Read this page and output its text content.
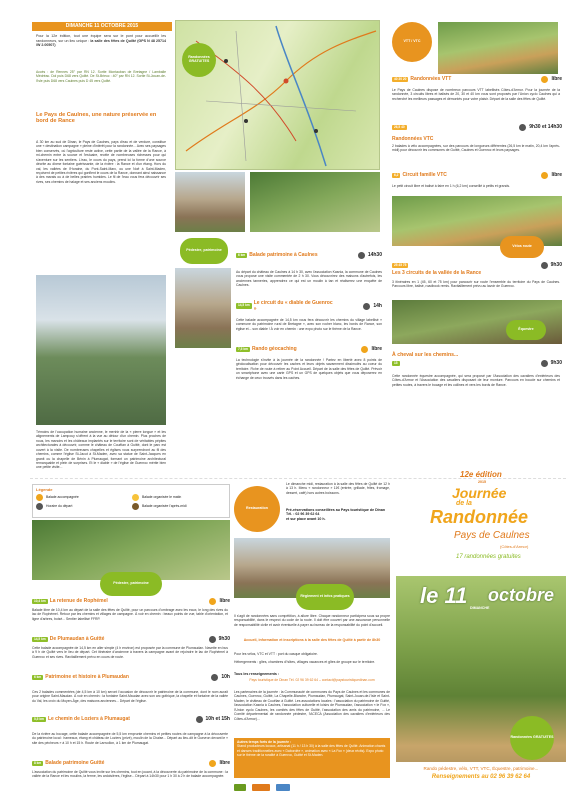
DIMANCHE 11 OCTOBRE 2015
Pour la 12e édition, tout une équipe sera sur le pont pour accueillir les randonneurs, sur un lieu unique : la salle des fêtes de Quilté (GPS N 48 25714 /W 2.00507)
Accès : de Rennes 25° par RN 12. Sortie Montauban de Bretagne / Lamballe Médréac. Dol puis D68 vers Quilté. De St-Brieuc : 40° par RN 12. Sortie St-Jouan-de-l'Isle puis D68 vers Caulnes puis D 45 vers Quilté.
Le Pays de Caulnes, une nature préservée en bord de Rance
À 30 km au sud de Dinan, le Pays de Caulnes, pays d'eau et de verdure, constitue une « destination campagne » pleine d'intérêt pour la randonnée... Avec ses paysages bien conservés, où l'agriculture reste active, cette partie de la vallée de la Rance, à mi-chemin entre la source et l'estuaire, recèle de nombreuses richesses pour qui s'aventure sur les sentiers. L'eau, le cours du pays, prend ici la forme d'une source décrite au dixme fontaine guérissante, de la rivière : la Rance et d'un étang. Hors du val, les vallées de l'Horaine, du Pont-Saint-Marc, ou une Noë à Saint-Maden, reçoivent de petites rivières qui gonflent le cours de la Rance, donnant ainsi naissance à des marais ou à de belles prairies humides. Le fil de l'eau vous fera découvrir ses rives, ses chemins de halage et ses anciens moulins.
Témoins de l'occupation humaine ancienne, le menhir de la « pierre longue » et les alignements de Lampouy s'offrent à la vue au détour d'un chemin. Plus proches de nous, les manoirs et les châteaux implantés sur le territoire sont de véritables pépites architecturales à découvrir, comme le château de Couëlan à Guitté, dont le parc est ouvert à la visite. De nombreuses chapelles et églises vous surprendront au fil des chemins, comme l'église St-Jacut à St-Maden, avec sa statue de Saint-Jacques en granit ou la chapelle de Bénin à Plumaugat, formant un patrimoine architectural remarquable et plein de surprises. Et le « diable » de l'église de Guenroc mérite bien une petite visite...
Randonnées GRATUITES
VTT / VTC
40 30 20 Randonnées VTT	libre
Le Pays de Caulnes dispose de nombreux parcours VTT labellisés Côtes-d'Armor. Pour la journée de la randonnée, 3 circuits libres et balisés de 20, 30 et 40 km vous sont proposés par l'Union cyclo Caulnes qui a recherché les meilleurs passages et démontés pour votre plaisir. Départ de la salle des fêtes de Quilté.
26,5 40	9h30 et 14h30
Randonnées VTC
2 balades à vélo accompagnées, sur des parcours de longueurs différentes (26,5 km le matin, 20,4 km l'après-midi) pour découvrir les communes de Guitté, Caulnes et Guenroc et leurs paysages.
6,2 Circuit famille VTC	libre
Le petit circuit libre et balisé à faire en 1 h (6,2 km) conseillé à petits et grands.
Pédestre, patrimoine
Vélos route
6 km Balade patrimoine à Caulnes	14h30
Au départ du château de Caulnes à 14 h 30, avec l'association Kasnia, la commune de Caulnes vous propose une visite commentée de 2 h 30. Vous découvrirez des maisons d'autrefois, les anciennes tanneries, apprendrez ce qui est un moulin à tan et réaliserez une enquête de Caulnes.
14,5 km Le circuit du « diable de Guenroc »
14h
Cette balade accompagnée de 14,5 km vous fera découvrir les chemins du village labellisé « commune du patrimoine rural de Bretagne », avec son rocher blanc, les bords de Rance, son église et... son diable ! À voir en chemin : une expo photo sur le thème de la Rance.
7,5 km Rando géocaching	libre
La technologie s'invite à la journée de la randonnée ! Partez en liberté avec 8 points de géolocalisation pour découvrir les caches et leurs objets savamment dissimulés au coeur du territoire. Fiche de route à retirer au Point Accueil. Départ de la salle des fêtes de Quilté. Prévoir un smartphone avec une carte GPS et un GPS de quelques objets que vous déposerez en échange de ceux trouvés dans les caches.
25 45 75	9h30
Les 3 circuits de la vallée de la Rance
3 itinéraires en 1 (45, 60 et 75 km) pour parcourir sur route l'ensemble du territoire du Pays de Caulnes. Parcours libre, balisé, roadbook remis. Ravitaillement prévu au lavoir de Guenroc.
Équestre
À cheval sur les chemins...
15	9h30
Cette randonnée équestre accompagnée, qui sera proposé par l'Association des cavaliers d'extérieurs des Côtes-d'Armor et l'Association des cavaliers disposant de leur monture. Parcours en boucle sur chemins et petites routes, à travers le bocage et les collines et vers les bords de Rance.
Légende
Balade accompagnée	Balade organisée le matin
Horaire du départ	Balade organisée l'après-midi
Pédestre, patrimoine
10,4 km La retenue de Rophémel	libre
Balade libre de 10,4 km au départ de la salle des fêtes de Quilté, pour un parcours d'ombrage avec les eaux, le long des rives du lac de Rophémel. Retour par les chemins et villages de campagne. À voir en chemin : beaux points de vue, table d'orientation, et ligne d'arbres, boisé... Sentier labellisé FFRP.
14,5 km De Plumaudan à Guitté	9h30
Cette balade accompagnée de 14,5 km en aller simple (4 h environ) est proposée par la commune de Plumaudan. Navette en bus à 9 h de Quilté vers le lieu de départ. Cet itinéraire d'ancienne à travers la campagne avant de rejoindre le lac de Rophémel à Guenroc et ses rives. Ravitaillement prévu en cours de route.
6 km Patrimoine et histoire à Plumaudan	10h
Ces 2 balades commentées (de 4,5 km à 10 km) seront l'occasion de découvrir le patrimoine de la commune, dont le nom aurait pour origine Saint-Maudan. À voir en chemin : la fontaine Saint-Maudan avec son arc gothique, la chapelle et fontaine de la vallée du Val, les croix du Moyen-Âge, des maisons anciennes... Départ de l'église.
5,5 km Le chemin de Loziers à Plumaugat	10h et 15h
De la rivière au bocage, cette balade accompagnée de 5,5 km emprunte chemins et petites routes de campagne à la découverte du patrimoine local : hameaux, étang et château de Loziers (privé), moulin de la Chaise... Départ au lieu-dit le Guevron devant le « site des pécheurs » à 10 h et 15 h. Route de Lanvollon, à 1 km de Plumaugat.
8 km Balade patrimoine Guitté	libre
L'association du patrimoine de Quilté vous invite sur les chemins, tout en jouant, à la découverte du patrimoine de la commune : la vallée de la Rance et les moulins, la ferme, les ardoisières, l'église... Départ à 14h30 pour 1 h 30 à 2 h de balade accompagnée.
Restauration
Le dimanche midi, restauration à la salle des fêtes de Quilté de 12 h à 13 h. Menu « randonneur » 11€ (entrée, grillade, frites, fromage, dessert, café) hors autres boissons.
Pré-réservations conseillées au Pays touristique de Dinan
Tél. : 02 96 39 62 64
et sur place avant 10 h.
Règlement et infos pratiques
Il s'agit de randonnées sans compétition, à allure libre. Chaque randonneur participera sous sa propre responsabilité, dans le respect du code de la route. Il doit être couvert par une assurance personnelle de responsabilité civile et avoir éventuelle à payer au bureau de la responsabilité du point d'accueil.
Accueil, information et inscriptions à la salle des fêtes de Quilté à partir de 8h30
Pour les vélos, VTC et VTT : port du casque obligatoire.
Hébergements : gîtes, chambres d'hôtes, villages vacances et gîtes de groupe sur le territoire.
Tous les renseignements :
Pays touristique de Dinan Tél. 02 96 39 62 64 – contact@paystouristiquedinan.com
Les partenaires de la journée : la Communauté de communes du Pays de Caulnes et les communes de Caulnes, Guenroc, Guitté, La Chapelle-Blanche, Plumaudan, Plumaugat, Saint-Jouan-de-l'Isle et Saint-Maden, le château de Couëlan à Guitté. Les associations locales : l'association du patrimoine de Guitté, l'association Kasnia à Caulnes, l'association culturelle et loisirs de Plumaudan, l'association « le Fox », l'Union cyclo Caulnes, les comités des fêtes de Guitté, l'association des amis du patrimoine, ... Le Comité départemental de randonnée pédestre, l'ACECA (Association des cavaliers d'extérieurs des Côtes-d'Armor)...
Autres temps forts de la journée :
Stand producteurs locaux, artisanat (11 h / 13 h 30) à la salle des fêtes de Quilté. Animation chants et danses traditionnelles avec « Dabordée », animation avec « La Fox » (deux récits). Expo photo sur le thème de la ruralité à Guenroc, Guitté et St-Maden.
12e édition
2015
Journée
de la
Randonnée
Pays de Caulnes
(Côtes-d'Armor)
17 randonnées gratuites
le 11 DIMANCHE
octobre
Randonnées GRATUITES
Rando pédestre, vélo, VTT, VTC, Équestre, patrimoine...
Renseignements au 02 96 39 62 64
